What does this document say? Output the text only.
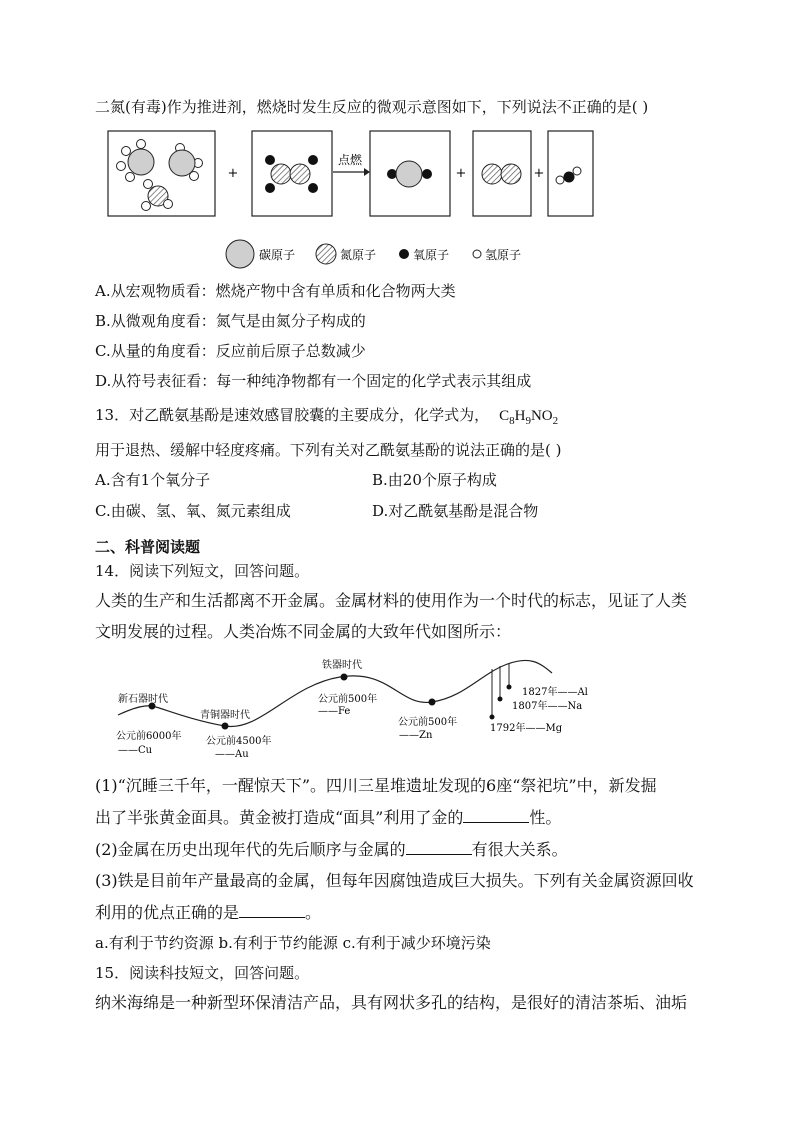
二氮(有毒)作为推进剂，燃烧时发生反应的微观示意图如下，下列说法不正确的是( )
+
点燃
+	+
碳原子	氮原子	氧原子	氢原子
A.从宏观物质看：燃烧产物中含有单质和化合物两大类
B.从微观角度看：氮气是由氮分子构成的
C.从量的角度看：反应前后原子总数减少
D.从符号表征看：每一种纯净物都有一个固定的化学式表示其组成
13．对乙酰氨基酚是速效感冒胶囊的主要成分，化学式为， $C_8H_9NO_2$
用于退热、缓解中轻度疼痛。下列有关对乙酰氨基酚的说法正确的是( )
A.含有1个氧分子	B.由20个原子构成
C.由碳、氢、氧、氮元素组成	D.对乙酰氨基酚是混合物
二、科普阅读题
14．阅读下列短文，回答问题。
人类的生产和生活都离不开金属。金属材料的使用作为一个时代的标志，见证了人类
文明发展的过程。人类冶炼不同金属的大致年代如图所示：
新石器时代
青铜器时代
铁器时代
公元前6000年
——Cu
公元前4500年
——Au
公元前500年
——Fe
公元前500年
——Zn
1827年——Al
1807年——Na
1792年——Mg
(1)“沉睡三千年，一醒惊天下”。四川三星堆遗址发现的6座“祭祀坑”中，新发掘
出了半张黄金面具。黄金被打造成“面具”利用了金的	性。
(2)金属在历史出现年代的先后顺序与金属的	有很大关系。
(3)铁是目前年产量最高的金属，但每年因腐蚀造成巨大损失。下列有关金属资源回收
利用的优点正确的是	。
a.有利于节约资源 b.有利于节约能源 c.有利于减少环境污染
15．阅读科技短文，回答问题。
纳米海绵是一种新型环保清洁产品，具有网状多孔的结构，是很好的清洁茶垢、油垢
